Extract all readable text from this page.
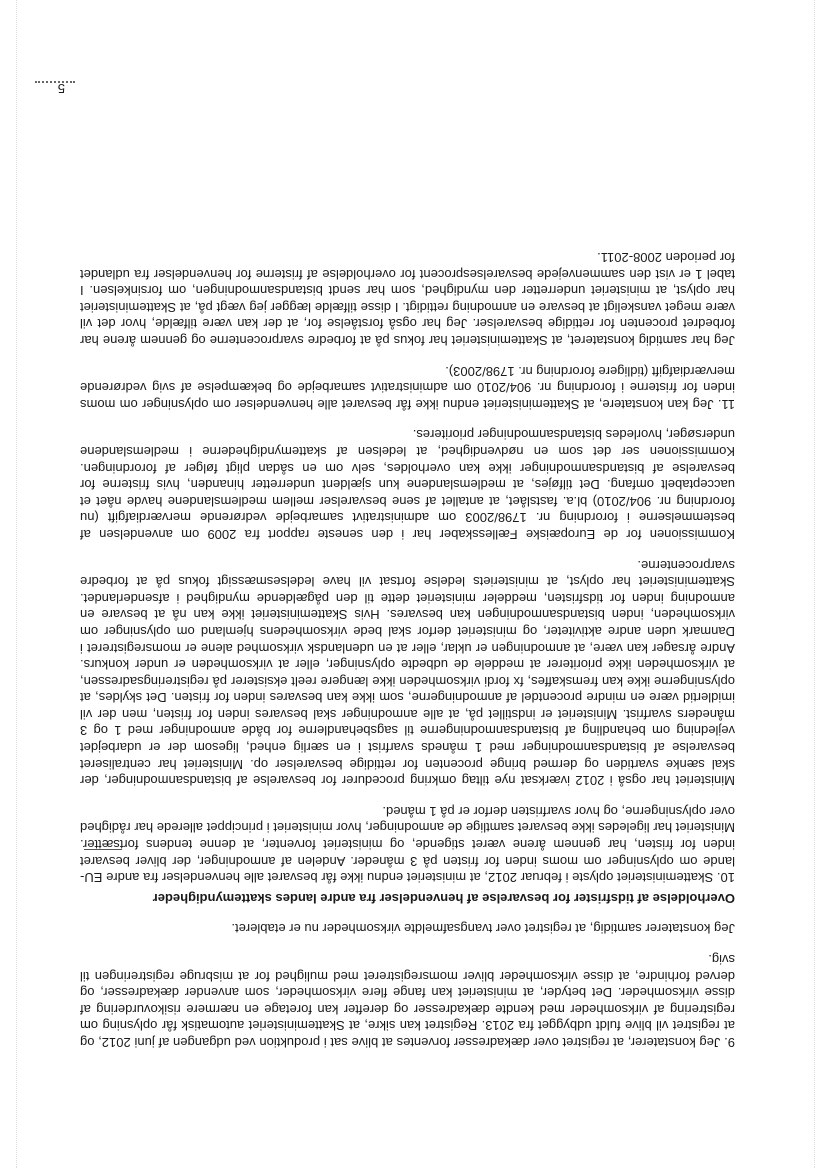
5

9. Jeg konstaterer, at registret over dækadresser forventes at blive sat i produktion ved udgangen af juni 2012, og at registret vil blive fuldt udbygget fra 2013. Registret kan sikre, at Skatteministeriet automatisk får oplysning om registrering af virksomheder med kendte dækadresser og derefter kan foretage en nærmere risikovurdering af disse virksomheder. Det betyder, at ministeriet kan fange flere virksomheder, som anvender dækadresser, og derved forhindre, at disse virksomheder bliver momsregistreret med mulighed for at misbruge registreringen til svig.

Jeg konstaterer samtidig, at registret over tvangsafmeldte virksomheder nu er etableret.

Overholdelse af tidsfrister for besvarelse af henvendelser fra andre landes skattemyndigheder

10. Skatteministeriet oplyste i februar 2012, at ministeriet endnu ikke får besvaret alle henvendelser fra andre EU-lande om oplysninger om moms inden for fristen på 3 måneder. Andelen af anmodninger, der bliver besvaret inden for fristen, har gennem årene været stigende, og ministeriet forventer, at denne tendens fortsætter. Ministeriet har ligeledes ikke besvaret samtlige de anmodninger, hvor ministeriet i princippet allerede har rådighed over oplysningerne, og hvor svarfristen derfor er på 1 måned.

Ministeriet har også i 2012 iværksat nye tiltag omkring procedurer for besvarelse af bistandsanmodninger, der skal sænke svartiden og dermed bringe procenten for rettidige besvarelser op. Ministeriet har centraliseret besvarelse af bistandsanmodninger med 1 måneds svarfrist i en særlig enhed, ligesom der er udarbejdet vejledning om behandling af bistandsanmodningerne til sagsbehandlerne for både anmodninger med 1 og 3 måneders svarfrist. Ministeriet er indstillet på, at alle anmodninger skal besvares inden for fristen, men der vil imidlertid være en mindre procentdel af anmodningerne, som ikke kan besvares inden for fristen. Det skyldes, at oplysningerne ikke kan fremskaffes, fx fordi virksomheden ikke længere reelt eksisterer på registreringsadressen, at virksomheden ikke prioriterer at meddele de udbedte oplysninger, eller at virksomheden er under konkurs. Andre årsager kan være, at anmodningen er uklar, eller at en udenlandsk virksomhed alene er momsregistreret i Danmark uden andre aktiviteter, og ministeriet derfor skal bede virksomhedens hjemland om oplysninger om virksomheden, inden bistandsanmodningen kan besvares. Hvis Skatteministeriet ikke kan nå at besvare en anmodning inden for tidsfristen, meddeler ministeriet dette til den pågældende myndighed i afsenderlandet. Skatteministeriet har oplyst, at ministeriets ledelse fortsat vil have ledelsesmæssigt fokus på at forbedre svarprocenterne.

Kommissionen for de Europæiske Fællesskaber har i den seneste rapport fra 2009 om anvendelsen af bestemmelserne i forordning nr. 1798/2003 om administrativt samarbejde vedrørende merværdiafgift (nu forordning nr. 904/2010) bl.a. fastslået, at antallet af sene besvarelser mellem medlemslandene havde nået et uacceptabelt omfang. Det tilføjes, at medlemslandene kun sjældent underretter hinanden, hvis fristerne for besvarelse af bistandsanmodninger ikke kan overholdes, selv om en sådan pligt følger af forordningen. Kommissionen ser det som en nødvendighed, at ledelsen af skattemyndighederne i medlemslandene undersøger, hvorledes bistandsanmodninger prioriteres.

11. Jeg kan konstatere, at Skatteministeriet endnu ikke får besvaret alle henvendelser om oplysninger om moms inden for fristerne i forordning nr. 904/2010 om administrativt samarbejde og bekæmpelse af svig vedrørende merværdiafgift (tidligere forordning nr. 1798/2003).

Jeg har samtidig konstateret, at Skatteministeriet har fokus på at forbedre svarprocenterne og gennem årene har forbedret procenten for rettidige besvarelser. Jeg har også forståelse for, at der kan være tilfælde, hvor det vil være meget vanskeligt at besvare en anmodning rettidigt. I disse tilfælde lægger jeg vægt på, at Skatteministeriet har oplyst, at ministeriet underretter den myndighed, som har sendt bistandsanmodningen, om forsinkelsen. I tabel 1 er vist den sammenvejede besvarelsesprocent for overholdelse af fristerne for henvendelser fra udlandet for perioden 2008-2011.
